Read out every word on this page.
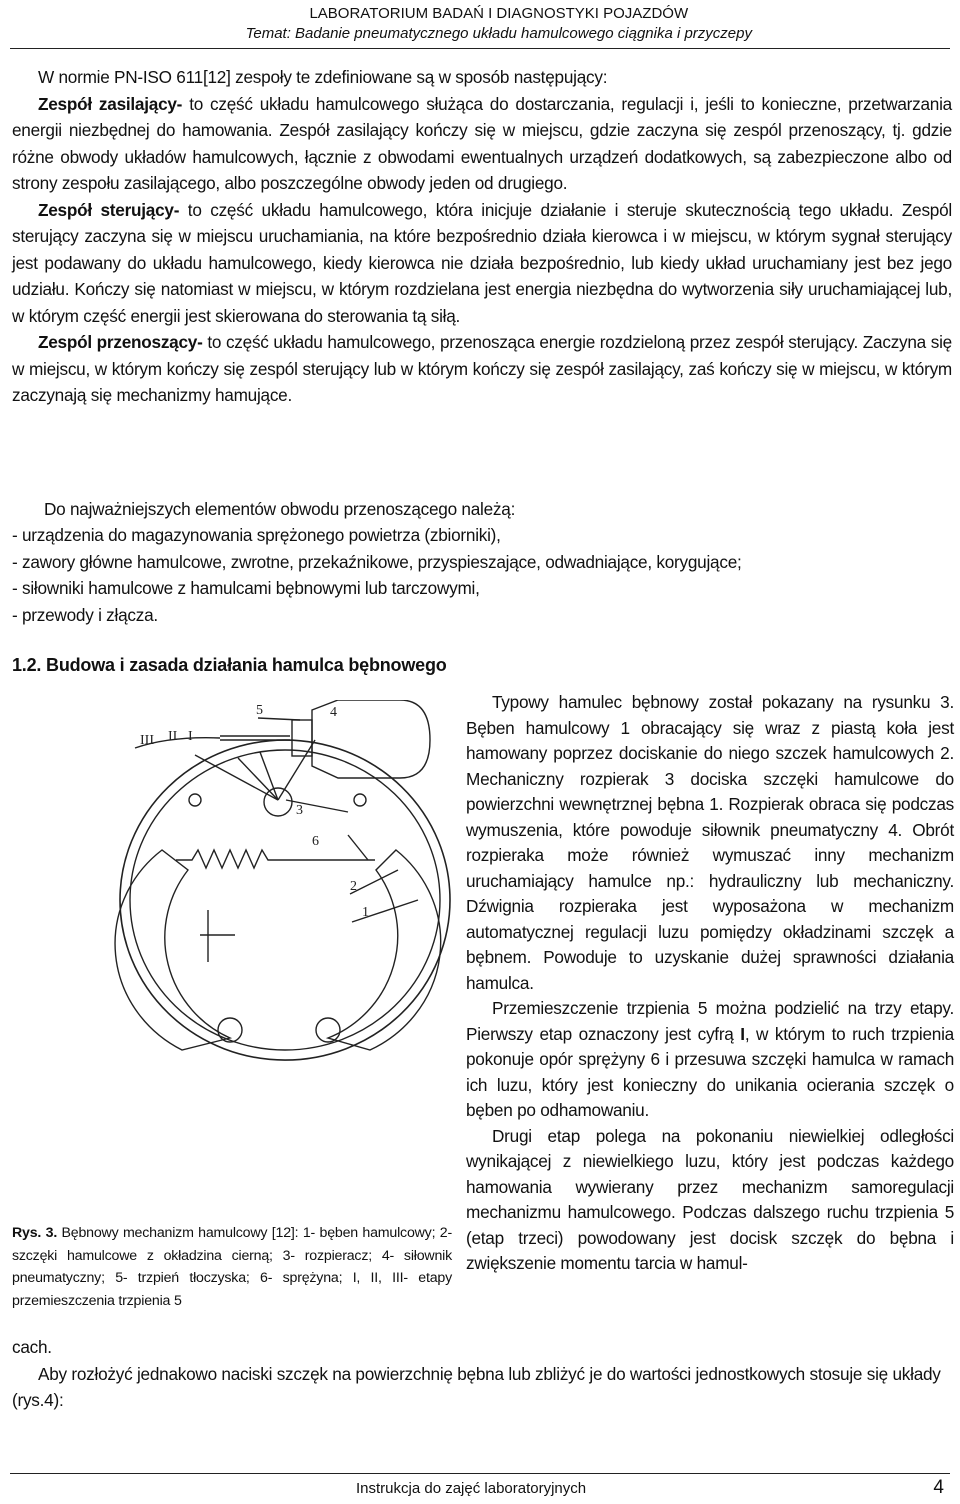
LABORATORIUM BADAŃ I DIAGNOSTYKI POJAZDÓW
Temat: Badanie pneumatycznego układu hamulcowego ciągnika i przyczepy
W normie PN-ISO 611[12] zespoły te zdefiniowane są w sposób następujący:
Zespół zasilający- to część układu hamulcowego służąca do dostarczania, regulacji i, jeśli to konieczne, przetwarzania energii niezbędnej do hamowania. Zespół zasilający kończy się w miejscu, gdzie zaczyna się zespól przenoszący, tj. gdzie różne obwody układów hamulcowych, łącznie z obwodami ewentualnych urządzeń dodatkowych, są zabezpieczone albo od strony zespołu zasilającego, albo poszczególne obwody jeden od drugiego.
Zespół sterujący- to część układu hamulcowego, która inicjuje działanie i steruje skutecznością tego układu. Zespól sterujący zaczyna się w miejscu uruchamiania, na które bezpośrednio działa kierowca i w miejscu, w którym sygnał sterujący jest podawany do układu hamulcowego, kiedy kierowca nie działa bezpośrednio, lub kiedy układ uruchamiany jest bez jego udziału. Kończy się natomiast w miejscu, w którym rozdzielana jest energia niezbędna do wytworzenia siły uruchamiającej lub, w którym część energii jest skierowana do sterowania tą siłą.
Zespól przenoszący- to część układu hamulcowego, przenosząca energie rozdzieloną przez zespół sterujący. Zaczyna się w miejscu, w którym kończy się zespól sterujący lub w którym kończy się zespół zasilający, zaś kończy się w miejscu, w którym zaczynają się mechanizmy hamujące.
Do najważniejszych elementów obwodu przenoszącego należą:
- urządzenia do magazynowania sprężonego powietrza (zbiorniki),
- zawory główne hamulcowe, zwrotne, przekaźnikowe, przyspieszające, odwadniające, korygujące;
- siłowniki hamulcowe z hamulcami bębnowymi lub tarczowymi,
- przewody i złącza.
1.2. Budowa i zasada działania hamulca bębnowego
Typowy hamulec bębnowy został pokazany na rysunku 3. Bęben hamulcowy 1 obracający się wraz z piastą koła jest hamowany poprzez dociskanie do niego szczek hamulcowych 2. Mechaniczny rozpierak 3 dociska szczęki hamulcowe do powierzchni wewnętrznej bębna 1. Rozpierak obraca się podczas wymuszenia, które powoduje siłownik pneumatyczny 4. Obrót rozpieraka może również wymuszać inny mechanizm uruchamiający hamulce np.: hydrauliczny lub mechaniczny. Dźwignia rozpieraka jest wyposażona w mechanizm automatycznej regulacji luzu pomiędzy okładzinami szczęk a bębnem. Powoduje to uzyskanie dużej sprawności działania hamulca.
Przemieszczenie trzpienia 5 można podzielić na trzy etapy. Pierwszy etap oznaczony jest cyfrą I, w którym to ruch trzpienia pokonuje opór sprężyny 6 i przesuwa szczęki hamulca w ramach ich luzu, który jest konieczny do unikania ocierania szczęk o bęben po odhamowaniu.
Drugi etap polega na pokonaniu niewielkiej odległości wynikającej z niewielkiego luzu, który jest podczas każdego hamowania wywierany przez mechanizm samoregulacji mechanizmu hamulcowego. Podczas dalszego ruchu trzpienia 5 (etap trzeci) powodowany jest docisk szczęk do bębna i zwiększenie momentu tarcia w hamul-
III II I
5	4
3
6
2
1
Rys. 3. Bębnowy mechanizm hamulcowy [12]: 1- bęben hamulcowy; 2- szczęki hamulcowe z okładzina cierną; 3- rozpieracz; 4- siłownik pneumatyczny; 5- trzpień tłoczyska; 6- sprężyna; I, II, III- etapy przemieszczenia trzpienia 5
cach.
Aby rozłożyć jednakowo naciski szczęk na powierzchnię bębna lub zbliżyć je do wartości jednostkowych stosuje się układy (rys.4):
Instrukcja do zajęć laboratoryjnych	4
